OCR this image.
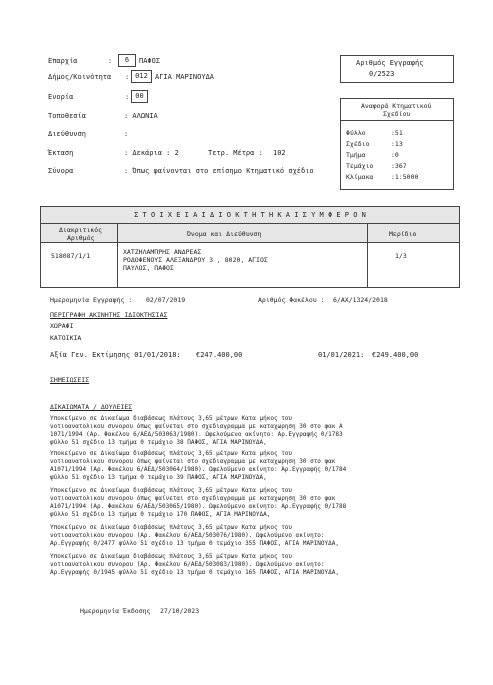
Επαρχία	:	6	ΠΑΦΟΣ
Δήμος/Κοινότητα : 012	ΑΓΙΑ ΜΑΡΙΝΟΥΔΑ
Ενορία	: 00
Τοποθεσία	: ΑΛΩΝΙΑ
Διεύθυνση	:
Έκταση	: Δεκάρια : 2	Τετρ. Μέτρα : 102
Σύνορα	: Όπως φαίνονται στο επίσημο Κτηματικό σχέδιο
Αριθμός Εγγραφής
0/2523
Αναφορά Κτηματικού
Σχεδίου
Φύλλο	:51
Σχέδιο	:13
Τμήμα	:0
Τεμάχιο	:367
Κλίμακα	:1:5000
Σ Τ Ο Ι Χ Ε Ι Α Ι Δ Ι Ο Κ Τ Η Τ Η Κ Α Ι Σ Υ Μ Φ Ε Ρ Ο Ν
Διακριτικός
Αριθμός	Όνομα και Διεύθυνση	Μερίδιο
518087/1/1	ΧΑΤΖΗΛΑΜΠΡΗΣ ΑΝΔΡΕΑΣ
ΡΟΔΟΦΕΝΟΥΣ ΑΛΕΞΑΝΔΡΟΥ 3 , 8020, ΑΓΙΟΣ
ΠΑΥΛΟΣ, ΠΑΦΟΣ
1/3
Ημερομηνία Εγγραφής : 02/07/2019	Αριθμός Φακέλου : 6/ΑΧ/1324/2018
ΠΕΡΙΓΡΑΦΗ ΑΚΙΝΗΤΗΣ ΙΔΙΟΚΤΗΣΙΑΣ
ΧΩΡΑΦΙ
ΚΑΤΟΙΚΙΑ
Αξία Γεν. Εκτίμησης 01/01/2018: €247.400,00	01/01/2021: €249.400,00
ΣΗΜΕΙΩΣΕΙΣ
ΔΙΚΑΙΩΜΑΤΑ / ΔΟΥΛΕΙΕΣ
Υποκείμενο σε Δικαίωμα διαβάσεως πλάτους 3,65 μέτρων Κατα μήκος του
νοτιοανατολικου συνορου όπως φαίνεται στο σχεδιαγραμμα με καταχωρηση 30 στο φακ Α
1071/1994 (Αρ. Φακέλου 6/ΑΕΔ/503063/1980). Ωφελούμενο ακίνητο: Αρ.Εγγραφής 0/1783
φύλλο 51 σχέδιο 13 τμήμα 0 τεμάχιο 38 ΠΑΦΟΣ, ΑΓΙΑ ΜΑΡΙΝΟΥΔΑ,
Υποκείμενο σε Δικαίωμα διαβάσεως πλάτους 3,65 μέτρων Κατα μήκος του
νοτιοανατολικου συνορου όπως φαίνεται στο σχεδιαγραμμα με καταχωρηση 30 στο φακ
Α1071/1994 (Αρ. Φακέλου 6/ΑΕΔ/503064/1980). Ωφελούμενο ακίνητο: Αρ.Εγγραφής 0/1784
φύλλο 51 σχέδιο 13 τμήμα 0 τεμάχιο 39 ΠΑΦΟΣ, ΑΓΙΑ ΜΑΡΙΝΟΥΔΑ,
Υποκείμενο σε Δικαίωμα διαβάσεως πλάτους 3,65 μέτρων Κατα μήκος του
νοτιοανατολικου συνορου όπως φαίνεται στο σχεδιαγραμμα με καταχωρηση 30 στο φακ
Α1071/1994 (Αρ. Φακέλου 6/ΑΕΔ/503065/1980). Ωφελούμενο ακίνητο: Αρ.Εγγραφής 0/1788
φύλλο 51 σχέδιο 13 τμήμα 0 τεμάχιο 170 ΠΑΦΟΣ, ΑΓΙΑ ΜΑΡΙΝΟΥΔΑ,
Υποκείμενο σε Δικαίωμα διαβάσεως πλάτους 3,65 μέτρων Κατα μήκος του
νοτιοανατολικου συνορου (Αρ. Φακέλου 6/ΑΕΔ/503076/1980). Ωφελούμενο ακίνητο:
Αρ.Εγγραφής 0/2477 φύλλο 51 σχέδιο 13 τμήμα 0 τεμάχιο 355 ΠΑΦΟΣ, ΑΓΙΑ ΜΑΡΙΝΟΥΔΑ,
Υποκείμενο σε Δικαίωμα διαβάσεως πλάτους 3,65 μέτρων Κατα μήκος του
νοτιοανατολικου συνορου (Αρ. Φακέλου 6/ΑΕΔ/503083/1980). Ωφελούμενο ακίνητο:
Αρ.Εγγραφής 0/1945 φύλλο 51 σχέδιο 13 τμήμα 0 τεμάχιο 165 ΠΑΦΟΣ, ΑΓΙΑ ΜΑΡΙΝΟΥΔΑ,
Ημερομηνία Έκδοσης 27/10/2023
